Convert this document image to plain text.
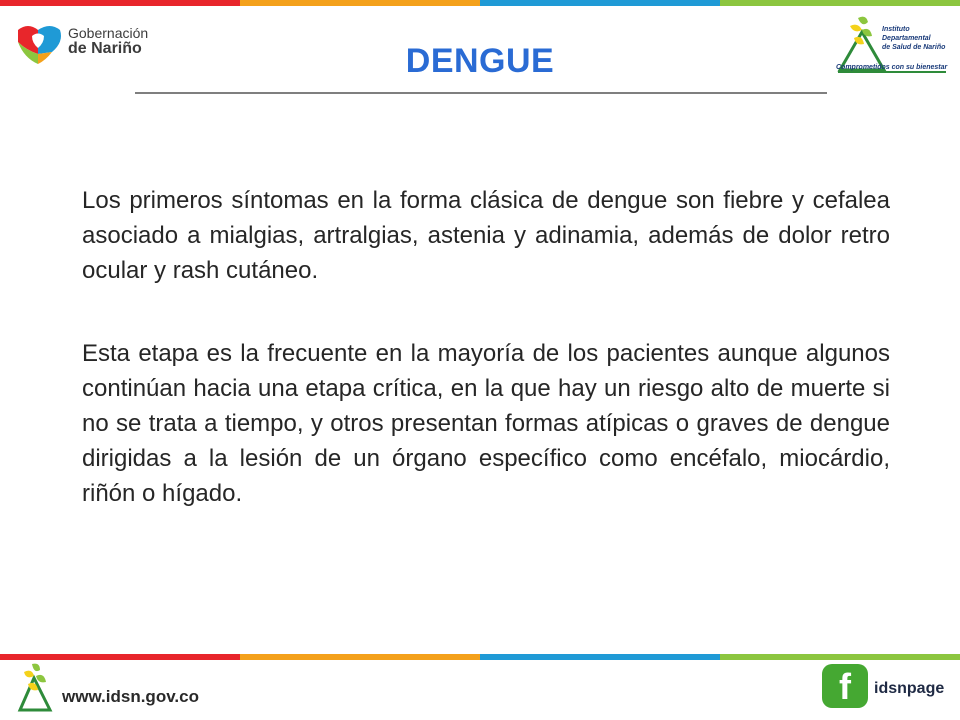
Gobernación
de Nariño
Instituto
Departamental
de Salud de Nariño
Comprometidos con su bienestar
DENGUE

Los primeros síntomas en la forma clásica de dengue son fiebre y cefalea asociado a mialgias, artralgias, astenia y adinamia, además de dolor retro ocular y rash cutáneo.

Esta etapa es la frecuente en la mayoría de los pacientes aunque algunos continúan hacia una etapa crítica, en la que hay un riesgo alto de muerte si no se trata a tiempo, y otros presentan formas atípicas o graves de dengue dirigidas a la lesión de un órgano específico como encéfalo, miocárdio, riñón o hígado.

www.idsn.gov.co	f	idsnpage
